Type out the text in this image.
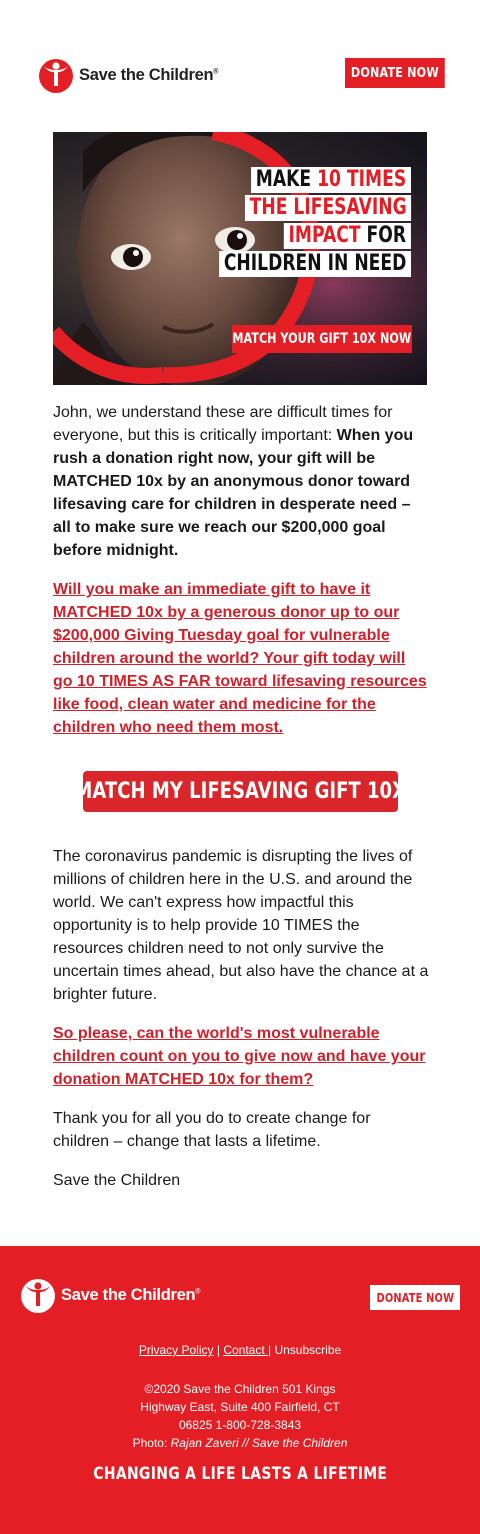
Save the Children®	DONATE NOW
MAKE 10 TIMES
THE LIFESAVING
IMPACT FOR
CHILDREN IN NEED
MATCH YOUR GIFT 10X NOW

John, we understand these are difficult times for everyone, but this is critically important: When you rush a donation right now, your gift will be MATCHED 10x by an anonymous donor toward lifesaving care for children in desperate need – all to make sure we reach our $200,000 goal before midnight.

Will you make an immediate gift to have it MATCHED 10x by a generous donor up to our $200,000 Giving Tuesday goal for vulnerable children around the world? Your gift today will go 10 TIMES AS FAR toward lifesaving resources like food, clean water and medicine for the children who need them most.

MATCH MY LIFESAVING GIFT 10X

The coronavirus pandemic is disrupting the lives of millions of children here in the U.S. and around the world. We can't express how impactful this opportunity is to help provide 10 TIMES the resources children need to not only survive the uncertain times ahead, but also have the chance at a brighter future.

So please, can the world's most vulnerable children count on you to give now and have your donation MATCHED 10x for them?

Thank you for all you do to create change for children – change that lasts a lifetime.

Save the Children

Save the Children®	DONATE NOW
Privacy Policy | Contact | Unsubscribe
©2020 Save the Children 501 Kings
Highway East, Suite 400 Fairfield, CT
06825 1-800-728-3843
Photo: Rajan Zaveri // Save the Children
CHANGING A LIFE LASTS A LIFETIME
